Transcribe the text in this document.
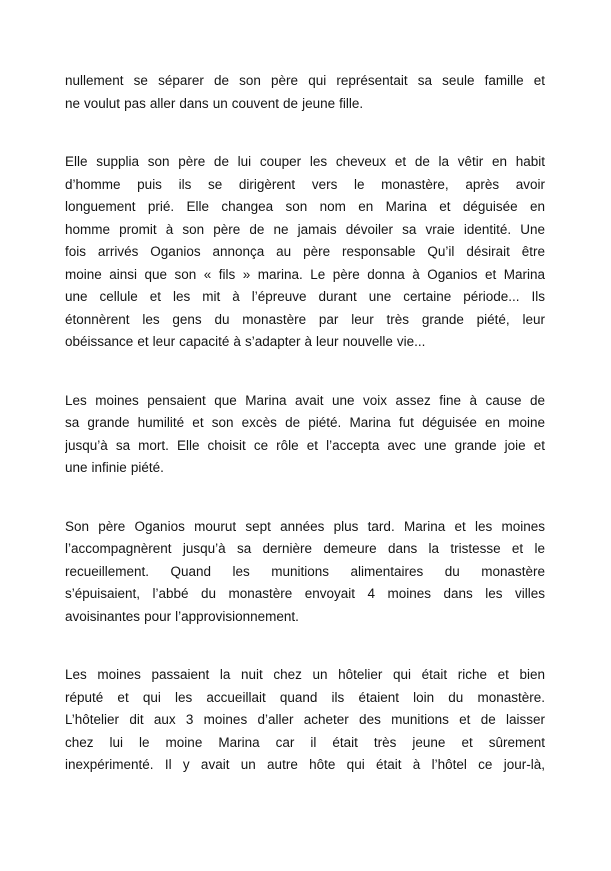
nullement se séparer de son père qui représentait sa seule famille et
ne voulut pas aller dans un couvent de jeune fille.
Elle supplia son père de lui couper les cheveux et de la vêtir en habit
d’homme puis ils se dirigèrent vers le monastère, après avoir
longuement prié. Elle changea son nom en Marina et déguisée en
homme promit à son père de ne jamais dévoiler sa vraie identité. Une
fois arrivés Oganios annonça au père responsable Qu’il désirait être
moine ainsi que son « fils » marina. Le père donna à Oganios et Marina
une cellule et les mit à l’épreuve durant une certaine période... Ils
étonnèrent les gens du monastère par leur très grande piété, leur
obéissance et leur capacité à s’adapter à leur nouvelle vie...
Les moines pensaient que Marina avait une voix assez fine à cause de
sa grande humilité et son excès de piété. Marina fut déguisée en moine
jusqu’à sa mort. Elle choisit ce rôle et l’accepta avec une grande joie et
une infinie piété.
Son père Oganios mourut sept années plus tard. Marina et les moines
l’accompagnèrent jusqu’à sa dernière demeure dans la tristesse et le
recueillement. Quand les munitions alimentaires du monastère
s’épuisaient, l’abbé du monastère envoyait 4 moines dans les villes
avoisinantes pour l’approvisionnement.
Les moines passaient la nuit chez un hôtelier qui était riche et bien
réputé et qui les accueillait quand ils étaient loin du monastère.
L’hôtelier dit aux 3 moines d’aller acheter des munitions et de laisser
chez lui le moine Marina car il était très jeune et sûrement
inexpérimenté. Il y avait un autre hôte qui était à l’hôtel ce jour-là,
